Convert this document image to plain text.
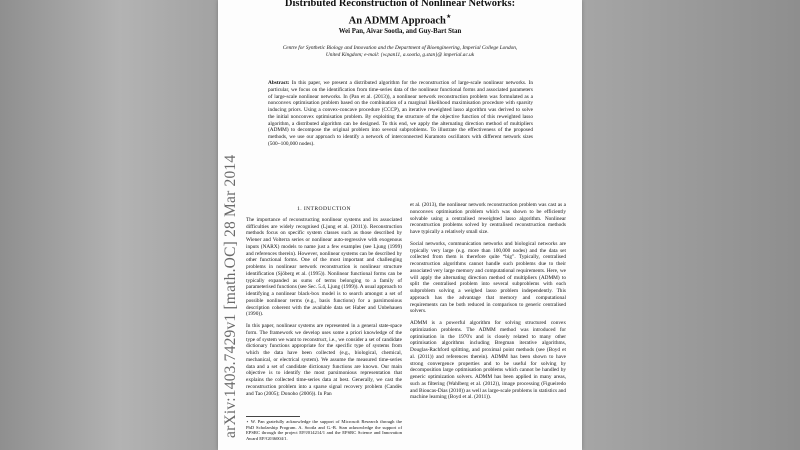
Distributed Reconstruction of Nonlinear Networks: An ADMM Approach⋆
Wei Pan, Aivar Sootla, and Guy-Bart Stan
Centre for Synthetic Biology and Innovation and the Department of Bioengineering, Imperial College London, United Kingdom; e-mail: {w.pan11, a.sootla, g.stan}@ imperial.ac.uk
Abstract: In this paper, we present a distributed algorithm for the reconstruction of large-scale nonlinear networks. In particular, we focus on the identification from time-series data of the nonlinear functional forms and associated parameters of large-scale nonlinear networks. In (Pan et al. (2013)), a nonlinear network reconstruction problem was formulated as a nonconvex optimisation problem based on the combination of a marginal likelihood maximisation procedure with sparsity inducing priors. Using a convex-concave procedure (CCCP), an iterative reweighted lasso algorithm was derived to solve the initial nonconvex optimisation problem. By exploiting the structure of the objective function of this reweighted lasso algorithm, a distributed algorithm can be designed. To this end, we apply the alternating direction method of multipliers (ADMM) to decompose the original problem into several subproblems. To illustrate the effectiveness of the proposed methods, we use our approach to identify a network of interconnected Kuramoto oscillators with different network sizes (500~100,000 nodes).
1. INTRODUCTION

The importance of reconstructing nonlinear systems and its associated difficulties are widely recognised (Ljung et al. (2011)). Reconstruction methods focus on specific system classes such as those described by Wiener and Volterra series or nonlinear auto-regressive with exogenous inputs (NARX) models to name just a few examples (see Ljung (1999) and references therein). However, nonlinear systems can be described by other functional forms. One of the most important and challenging problems in nonlinear network reconstruction is nonlinear structure identification (Sjöberg et al. (1995)). Nonlinear functional forms can be typically expanded as sums of terms belonging to a family of parameterised functions (see Sec. 5.4, Ljung (1999)). A usual approach to identifying a nonlinear black-box model is to search amongst a set of possible nonlinear terms (e.g., basis functions) for a parsimonious description coherent with the available data set Haber and Unbehauen (1990)).

In this paper, nonlinear systems are represented in a general state-space form. The framework we develop uses some a priori knowledge of the type of system we want to reconstruct, i.e., we consider a set of candidate dictionary functions appropriate for the specific type of systems from which the data have been collected (e.g., biological, chemical, mechanical, or electrical system). We assume the measured time-series data and a set of candidate dictionary functions are known. Our main objective is to identify the most parsimonious representation that explains the collected time-series data at best. Generally, we cast the reconstruction problem into a sparse signal recovery problem (Candès and Tao (2005); Donoho (2006)). In Pan

⋆ W. Pan gratefully acknowledge the support of Microsoft Research through the PhD Scholarship Program. A. Sootla and G.-B. Stan acknowledge the support of EPSRC through the project EP/J014214/1 and the EPSRC Science and Innovation Award EP/G036004/1.

et al. (2013), the nonlinear network reconstruction problem was cast as a nonconvex optimisation problem which was shown to be efficiently solvable using a centralised reweighted lasso algorithm. Nonlinear reconstruction problems solved by centralised reconstruction methods have typically a relatively small size.

Social networks, communication networks and biological networks are typically very large (e.g. more than 100,000 nodes) and the data set collected from them is therefore quite “big”. Typically, centralised reconstruction algorithms cannot handle such problems due to their associated very large memory and computational requirements. Here, we will apply the alternating direction method of multipliers (ADMM) to split the centralised problem into several subproblems with each subproblem solving a weighed lasso problem independently. This approach has the advantage that memory and computational requirements can be both reduced in comparison to generic centralised solvers.

ADMM is a powerful algorithm for solving structured convex optimization problems. The ADMM method was introduced for optimisation in the 1970's and is closely related to many other optimisation algorithms including Bregman iterative algorithms, Douglas-Rachford splitting, and proximal point methods (see (Boyd et al. (2011)) and references therein). ADMM has been shown to have strong convergence properties and to be useful for solving by decomposition large optimisation problems which cannot be handled by generic optimization solvers. ADMM has been applied in many areas, such as filtering (Wahlberg et al. (2012)), image processing (Figueiredo and Bioucas-Dias (2010)) as well as large-scale problems in statistics and machine learning (Boyd et al. (2011)).

arXiv:1403.7429v1 [math.OC] 28 Mar 2014
